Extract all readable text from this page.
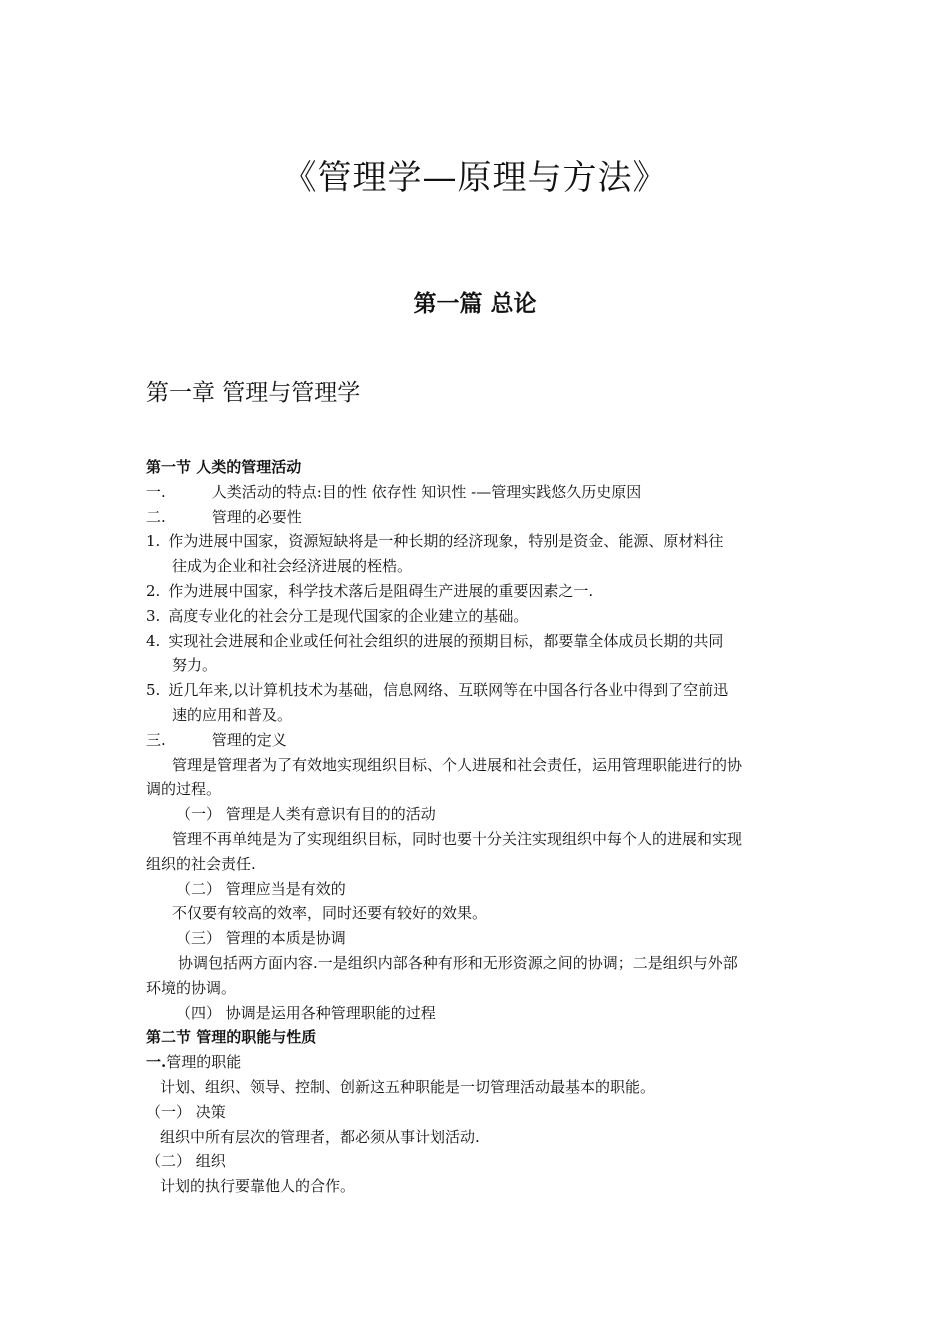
《管理学—原理与方法》
第一篇 总论
第一章 管理与管理学
第一节 人类的管理活动
一.	人类活动的特点:目的性 依存性 知识性 -—管理实践悠久历史原因
二.	管理的必要性
1. 作为进展中国家，资源短缺将是一种长期的经济现象，特别是资金、能源、原材料往
往成为企业和社会经济进展的桎梏。
2. 作为进展中国家，科学技术落后是阻碍生产进展的重要因素之一.
3. 高度专业化的社会分工是现代国家的企业建立的基础。
4. 实现社会进展和企业或任何社会组织的进展的预期目标，都要靠全体成员长期的共同
努力。
5. 近几年来,以计算机技术为基础，信息网络、互联网等在中国各行各业中得到了空前迅
速的应用和普及。
三.	管理的定义
管理是管理者为了有效地实现组织目标、个人进展和社会责任，运用管理职能进行的协
调的过程。
（一） 管理是人类有意识有目的的活动
管理不再单纯是为了实现组织目标，同时也要十分关注实现组织中每个人的进展和实现
组织的社会责任.
（二） 管理应当是有效的
不仅要有较高的效率，同时还要有较好的效果。
（三） 管理的本质是协调
协调包括两方面内容.一是组织内部各种有形和无形资源之间的协调；二是组织与外部
环境的协调。
（四） 协调是运用各种管理职能的过程
第二节 管理的职能与性质
一.管理的职能
计划、组织、领导、控制、创新这五种职能是一切管理活动最基本的职能。
（一） 决策
组织中所有层次的管理者，都必须从事计划活动.
（二） 组织
计划的执行要靠他人的合作。
